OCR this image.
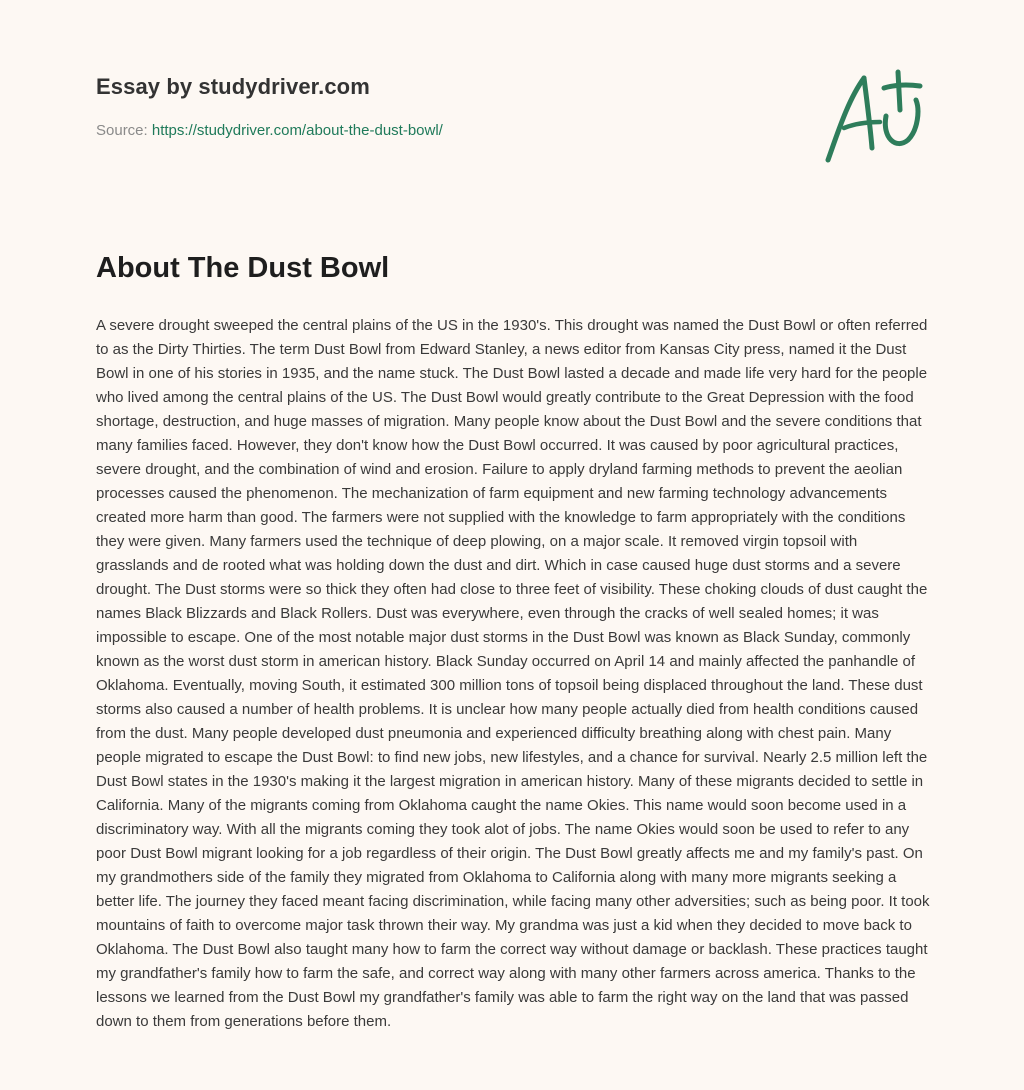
Essay by studydriver.com
Source: https://studydriver.com/about-the-dust-bowl/
About The Dust Bowl

A severe drought sweeped the central plains of the US in the 1930's. This drought was named the Dust Bowl or often referred to as the Dirty Thirties. The term Dust Bowl from Edward Stanley, a news editor from Kansas City press, named it the Dust Bowl in one of his stories in 1935, and the name stuck. The Dust Bowl lasted a decade and made life very hard for the people who lived among the central plains of the US. The Dust Bowl would greatly contribute to the Great Depression with the food shortage, destruction, and huge masses of migration. Many people know about the Dust Bowl and the severe conditions that many families faced. However, they don't know how the Dust Bowl occurred. It was caused by poor agricultural practices, severe drought, and the combination of wind and erosion. Failure to apply dryland farming methods to prevent the aeolian processes caused the phenomenon. The mechanization of farm equipment and new farming technology advancements created more harm than good. The farmers were not supplied with the knowledge to farm appropriately with the conditions they were given. Many farmers used the technique of deep plowing, on a major scale. It removed virgin topsoil with grasslands and de rooted what was holding down the dust and dirt. Which in case caused huge dust storms and a severe drought. The Dust storms were so thick they often had close to three feet of visibility. These choking clouds of dust caught the names Black Blizzards and Black Rollers. Dust was everywhere, even through the cracks of well sealed homes; it was impossible to escape. One of the most notable major dust storms in the Dust Bowl was known as Black Sunday, commonly known as the worst dust storm in american history. Black Sunday occurred on April 14 and mainly affected the panhandle of Oklahoma. Eventually, moving South, it estimated 300 million tons of topsoil being displaced throughout the land. These dust storms also caused a number of health problems. It is unclear how many people actually died from health conditions caused from the dust. Many people developed dust pneumonia and experienced difficulty breathing along with chest pain. Many people migrated to escape the Dust Bowl: to find new jobs, new lifestyles, and a chance for survival. Nearly 2.5 million left the Dust Bowl states in the 1930's making it the largest migration in american history. Many of these migrants decided to settle in California. Many of the migrants coming from Oklahoma caught the name Okies. This name would soon become used in a discriminatory way. With all the migrants coming they took alot of jobs. The name Okies would soon be used to refer to any poor Dust Bowl migrant looking for a job regardless of their origin. The Dust Bowl greatly affects me and my family's past. On my grandmothers side of the family they migrated from Oklahoma to California along with many more migrants seeking a better life. The journey they faced meant facing discrimination, while facing many other adversities; such as being poor. It took mountains of faith to overcome major task thrown their way. My grandma was just a kid when they decided to move back to Oklahoma. The Dust Bowl also taught many how to farm the correct way without damage or backlash. These practices taught my grandfather's family how to farm the safe, and correct way along with many other farmers across america. Thanks to the lessons we learned from the Dust Bowl my grandfather's family was able to farm the right way on the land that was passed down to them from generations before them.
